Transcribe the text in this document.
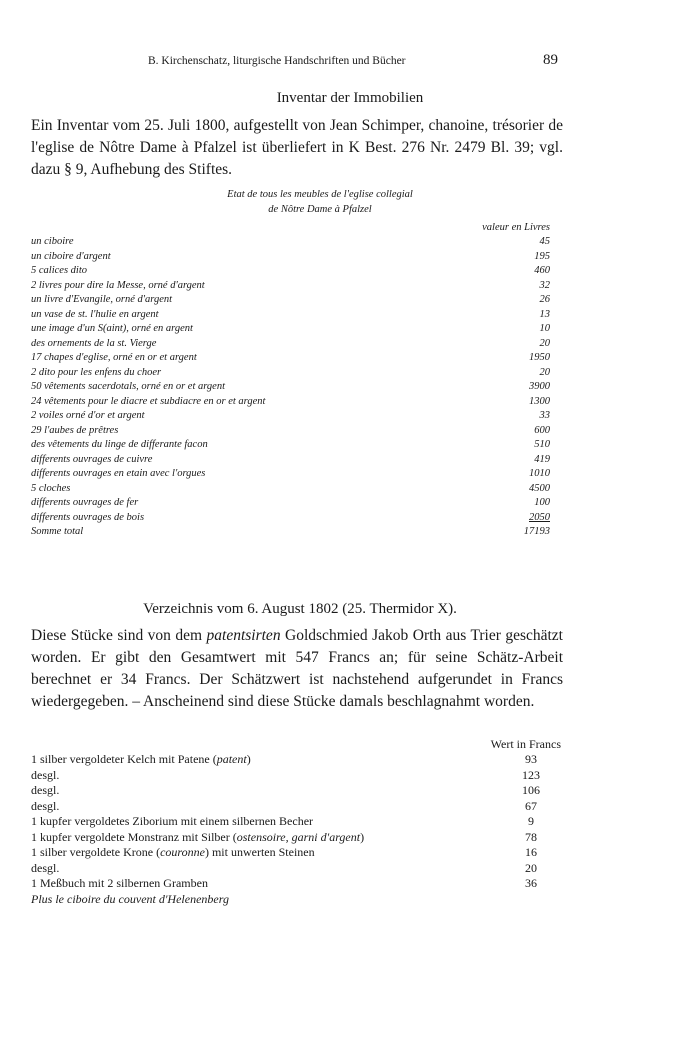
B. Kirchenschatz, liturgische Handschriften und Bücher	89
Inventar der Immobilien
Ein Inventar vom 25. Juli 1800, aufgestellt von Jean Schimper, chanoine, trésorier de l'eglise de Nôtre Dame à Pfalzel ist überliefert in K Best. 276 Nr. 2479 Bl. 39; vgl. dazu § 9, Aufhebung des Stiftes.
Etat de tous les meubles de l'eglise collegial
de Nôtre Dame à Pfalzel
valeur en Livres
un ciboire	45
un ciboire d'argent	195
5 calices dito	460
2 livres pour dire la Messe, orné d'argent	32
un livre d'Evangile, orné d'argent	26
un vase de st. l'hulie en argent	13
une image d'un S(aint), orné en argent	10
des ornements de la st. Vierge	20
17 chapes d'eglise, orné en or et argent	1950
2 dito pour les enfens du choer	20
50 vêtements sacerdotals, orné en or et argent	3900
24 vêtements pour le diacre et subdiacre en or et argent	1300
2 voiles orné d'or et argent	33
29 l'aubes de prêtres	600
des vêtements du linge de differante facon	510
differents ouvrages de cuivre	419
differents ouvrages en etain avec l'orgues	1010
5 cloches	4500
differents ouvrages de fer	100
differents ouvrages de bois	2050
Somme total	17193
Verzeichnis vom 6. August 1802 (25. Thermidor X).
Diese Stücke sind von dem patentsirten Goldschmied Jakob Orth aus Trier geschätzt worden. Er gibt den Gesamtwert mit 547 Francs an; für seine Schätz-Arbeit berechnet er 34 Francs. Der Schätzwert ist nachstehend aufgerundet in Francs wiedergegeben. – Anscheinend sind diese Stücke damals beschlagnahmt worden.
Wert in Francs
1 silber vergoldeter Kelch mit Patene (patent)	93
desgl.	123
desgl.	106
desgl.	67
1 kupfer vergoldetes Ziborium mit einem silbernen Becher	9
1 kupfer vergoldete Monstranz mit Silber (ostensoire, garni d'argent)	78
1 silber vergoldete Krone (couronne) mit unwerten Steinen	16
desgl.	20
1 Meßbuch mit 2 silbernen Gramben	36
Plus le ciboire du couvent d'Helenenberg
